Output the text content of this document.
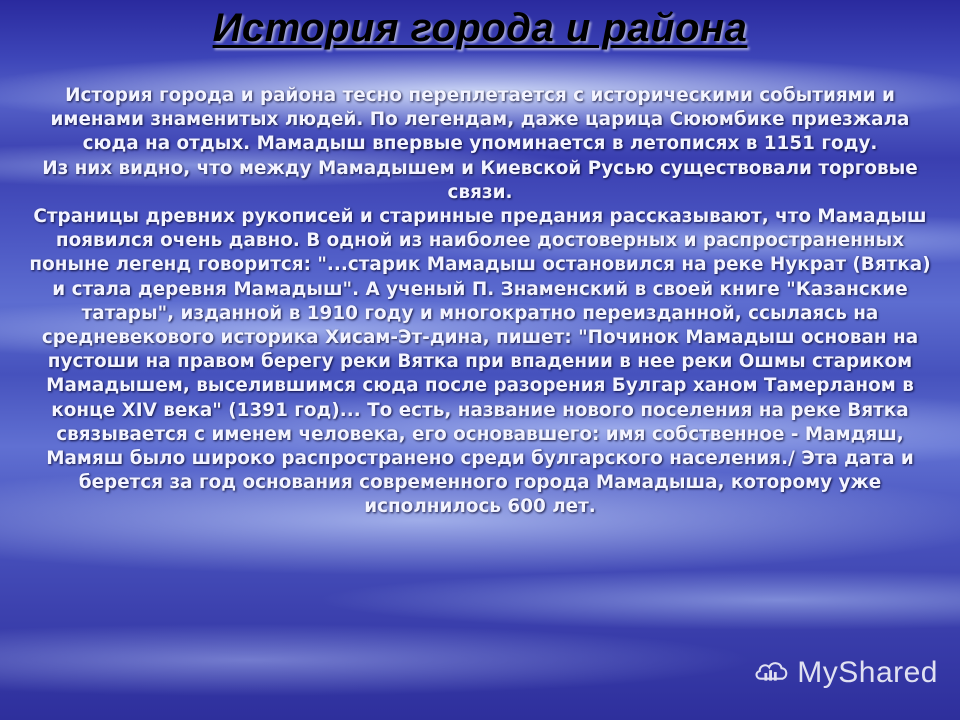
История города и района
История города и района тесно переплетается с историческими событиями и именами знаменитых людей. По легендам, даже царица Сююмбике приезжала сюда на отдых. Мамадыш впервые упоминается в летописях в 1151 году.
Из них видно, что между Мамадышем и Киевской Русью существовали торговые связи.
Страницы древних рукописей и старинные предания рассказывают, что Мамадыш появился очень давно. В одной из наиболее достоверных и распространенных поныне легенд говорится: "...старик Мамадыш остановился на реке Нукрат (Вятка) и стала деревня Мамадыш". А ученый П. Знаменский в своей книге "Казанские татары", изданной в 1910 году и многократно переизданной, ссылаясь на средневекового историка Хисам-Эт-дина, пишет: "Починок Мамадыш основан на пустоши на правом берегу реки Вятка при впадении в нее реки Ошмы стариком Мамадышем, выселившимся сюда после разорения Булгар ханом Тамерланом в конце XIV века" (1391 год)... То есть, название нового поселения на реке Вятка связывается с именем человека, его основавшего: имя собственное - Мамдяш, Мамяш было широко распространено среди булгарского населения./ Эта дата и берется за год основания современного города Мамадыша, которому уже исполнилось 600 лет.
MyShared
